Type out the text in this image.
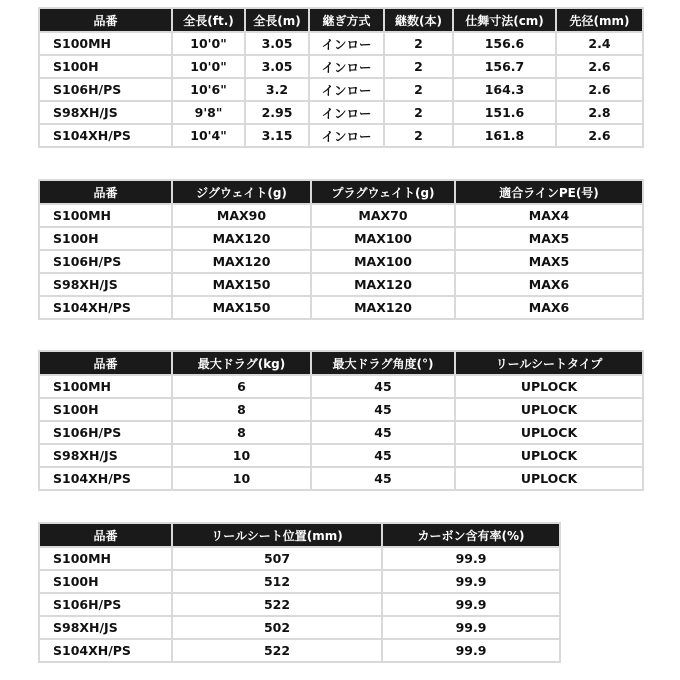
品番	全長(ft.)	全長(m)	継ぎ方式	継数(本)	仕舞寸法(cm)	先径(mm)
S100MH	10'0"	3.05	インロー	2	156.6	2.4
S100H	10'0"	3.05	インロー	2	156.7	2.6
S106H/PS	10'6"	3.2	インロー	2	164.3	2.6
S98XH/JS	9'8"	2.95	インロー	2	151.6	2.8
S104XH/PS	10'4"	3.15	インロー	2	161.8	2.6
品番	ジグウェイト(g)	プラグウェイト(g)	適合ラインPE(号)
S100MH	MAX90	MAX70	MAX4
S100H	MAX120	MAX100	MAX5
S106H/PS	MAX120	MAX100	MAX5
S98XH/JS	MAX150	MAX120	MAX6
S104XH/PS	MAX150	MAX120	MAX6
品番	最大ドラグ(kg)	最大ドラグ角度(°)	リールシートタイプ
S100MH	6	45	UPLOCK
S100H	8	45	UPLOCK
S106H/PS	8	45	UPLOCK
S98XH/JS	10	45	UPLOCK
S104XH/PS	10	45	UPLOCK
品番	リールシート位置(mm)	カーボン含有率(%)
S100MH	507	99.9
S100H	512	99.9
S106H/PS	522	99.9
S98XH/JS	502	99.9
S104XH/PS	522	99.9
